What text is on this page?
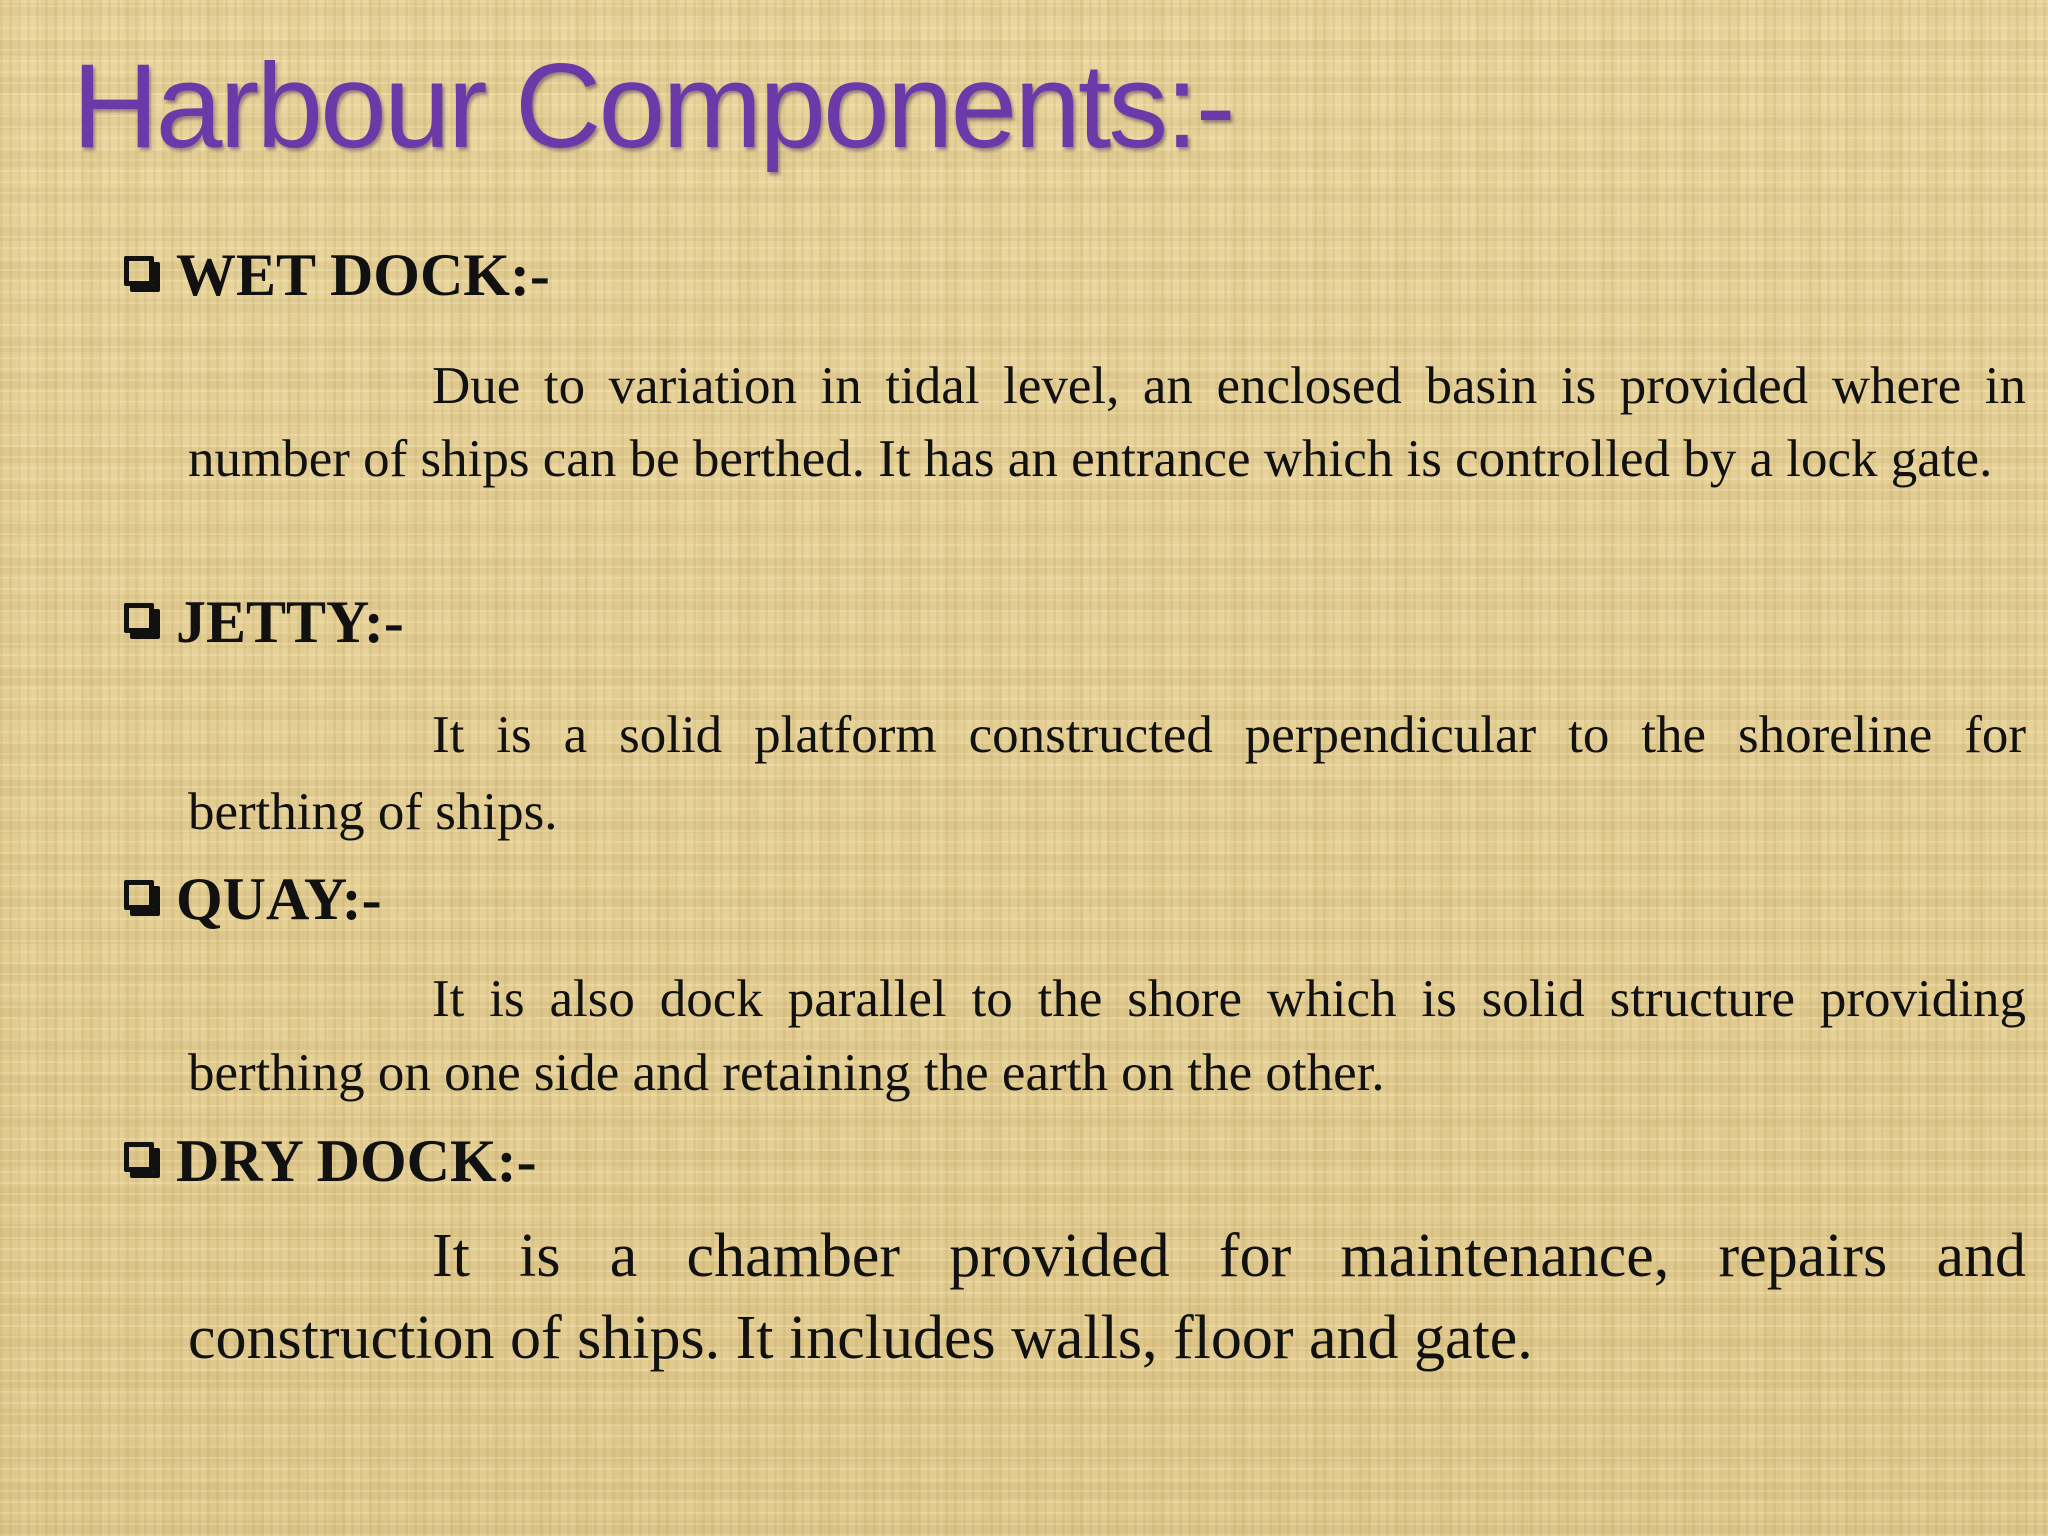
Harbour Components:-
WET DOCK:-

Due to variation in tidal level, an enclosed basin is provided where in number of ships can be berthed. It has an entrance which is controlled by a lock gate.

JETTY:-

It is a solid platform constructed perpendicular to the shoreline for berthing of ships.

QUAY:-

It is also dock parallel to the shore which is solid structure providing berthing on one side and retaining the earth on the other.

DRY DOCK:-

It is a chamber provided for maintenance, repairs and construction of ships. It includes walls, floor and gate.
